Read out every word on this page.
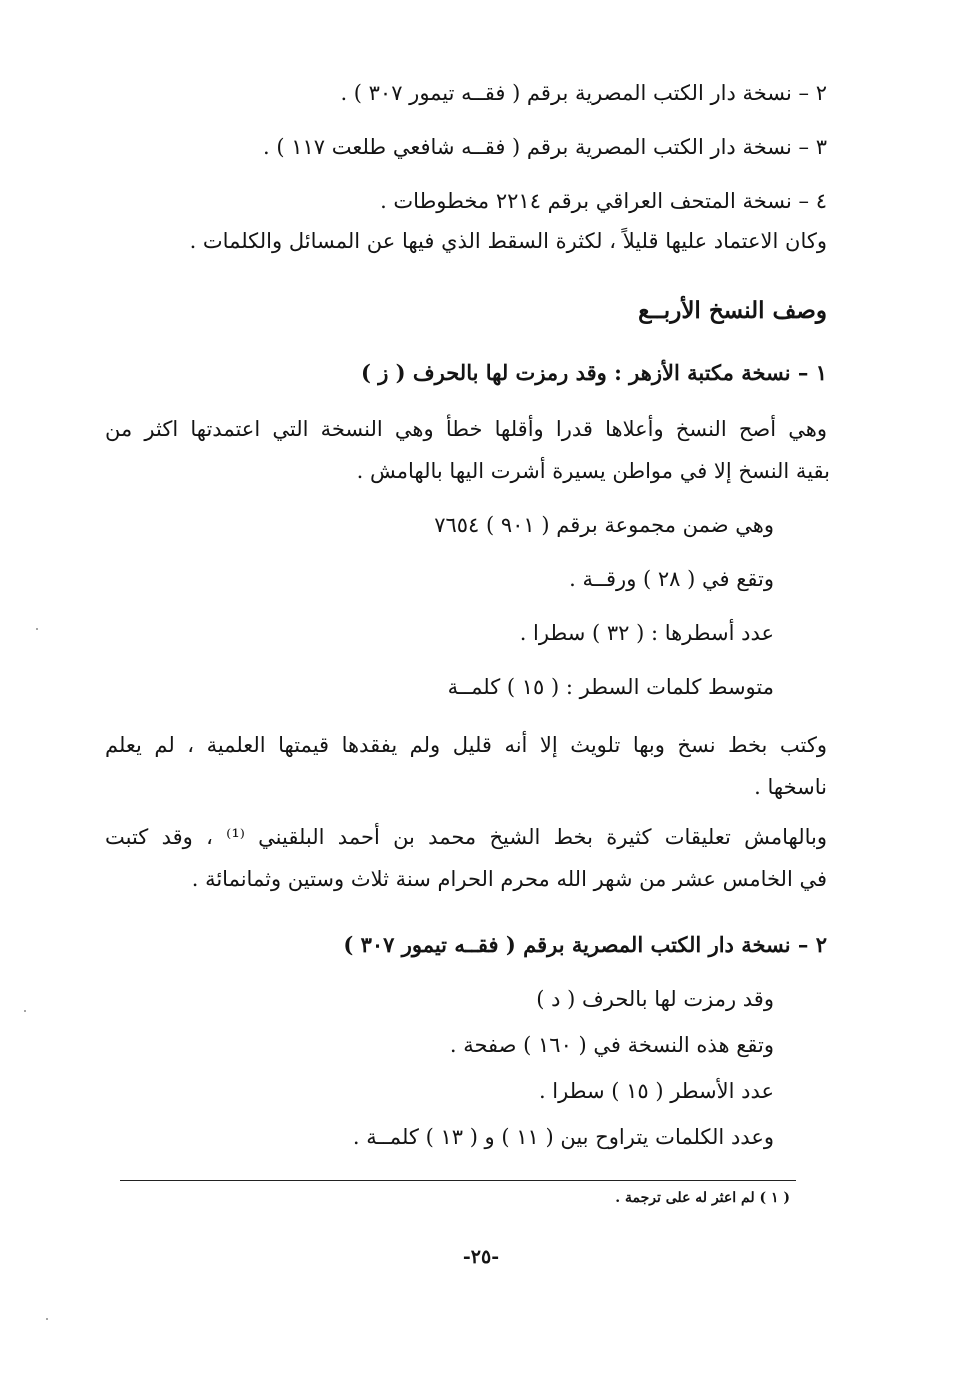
٢ – نسخة دار الكتب المصرية برقم ( فقــه تيمور ٣٠٧ ) .
٣ – نسخة دار الكتب المصرية برقم ( فقــه شافعي طلعت ١١٧ ) .
٤ – نسخة المتحف العراقي برقم ٢٢١٤ مخطوطات .
وكان الاعتماد عليها قليلاً ، لكثرة السقط الذي فيها عن المسائل والكلمات .
وصف النسخ الأربــع
١ – نسخة مكتبة الأزهر : وقد رمزت لها بالحرف ( ز )
وهي أصح النسخ وأعلاها قدرا وأقلها خطأ وهي النسخة التي اعتمدتها اكثر من
بقية النسخ إلا في مواطن يسيرة أشرت اليها بالهامش .
وهي ضمن مجموعة برقم ( ٩٠١ ) ٧٦٥٤
وتقع في ( ٢٨ ) ورقــة .
عدد أسطرها : ( ٣٢ ) سطرا .
متوسط كلمات السطر : ( ١٥ ) كلمــة
وكتب بخط نسخ وبها تلويث إلا أنه قليل ولم يفقدها قيمتها العلمية ، لم يعلم
ناسخها .
وبالهامش تعليقات كثيرة بخط الشيخ محمد بن أحمد البلقيني ⁽¹⁾ ، وقد كتبت
في الخامس عشر من شهر الله محرم الحرام سنة ثلاث وستين وثمانمائة .
٢ – نسخة دار الكتب المصرية برقم ( فقــه تيمور ٣٠٧ )
وقد رمزت لها بالحرف ( د )
وتقع هذه النسخة في ( ١٦٠ ) صفحة .
عدد الأسطر ( ١٥ ) سطرا .
وعدد الكلمات يتراوح بين ( ١١ ) و ( ١٣ ) كلمــة .
( ١ ) لم اعثر له على ترجمة .
-٢٥-
